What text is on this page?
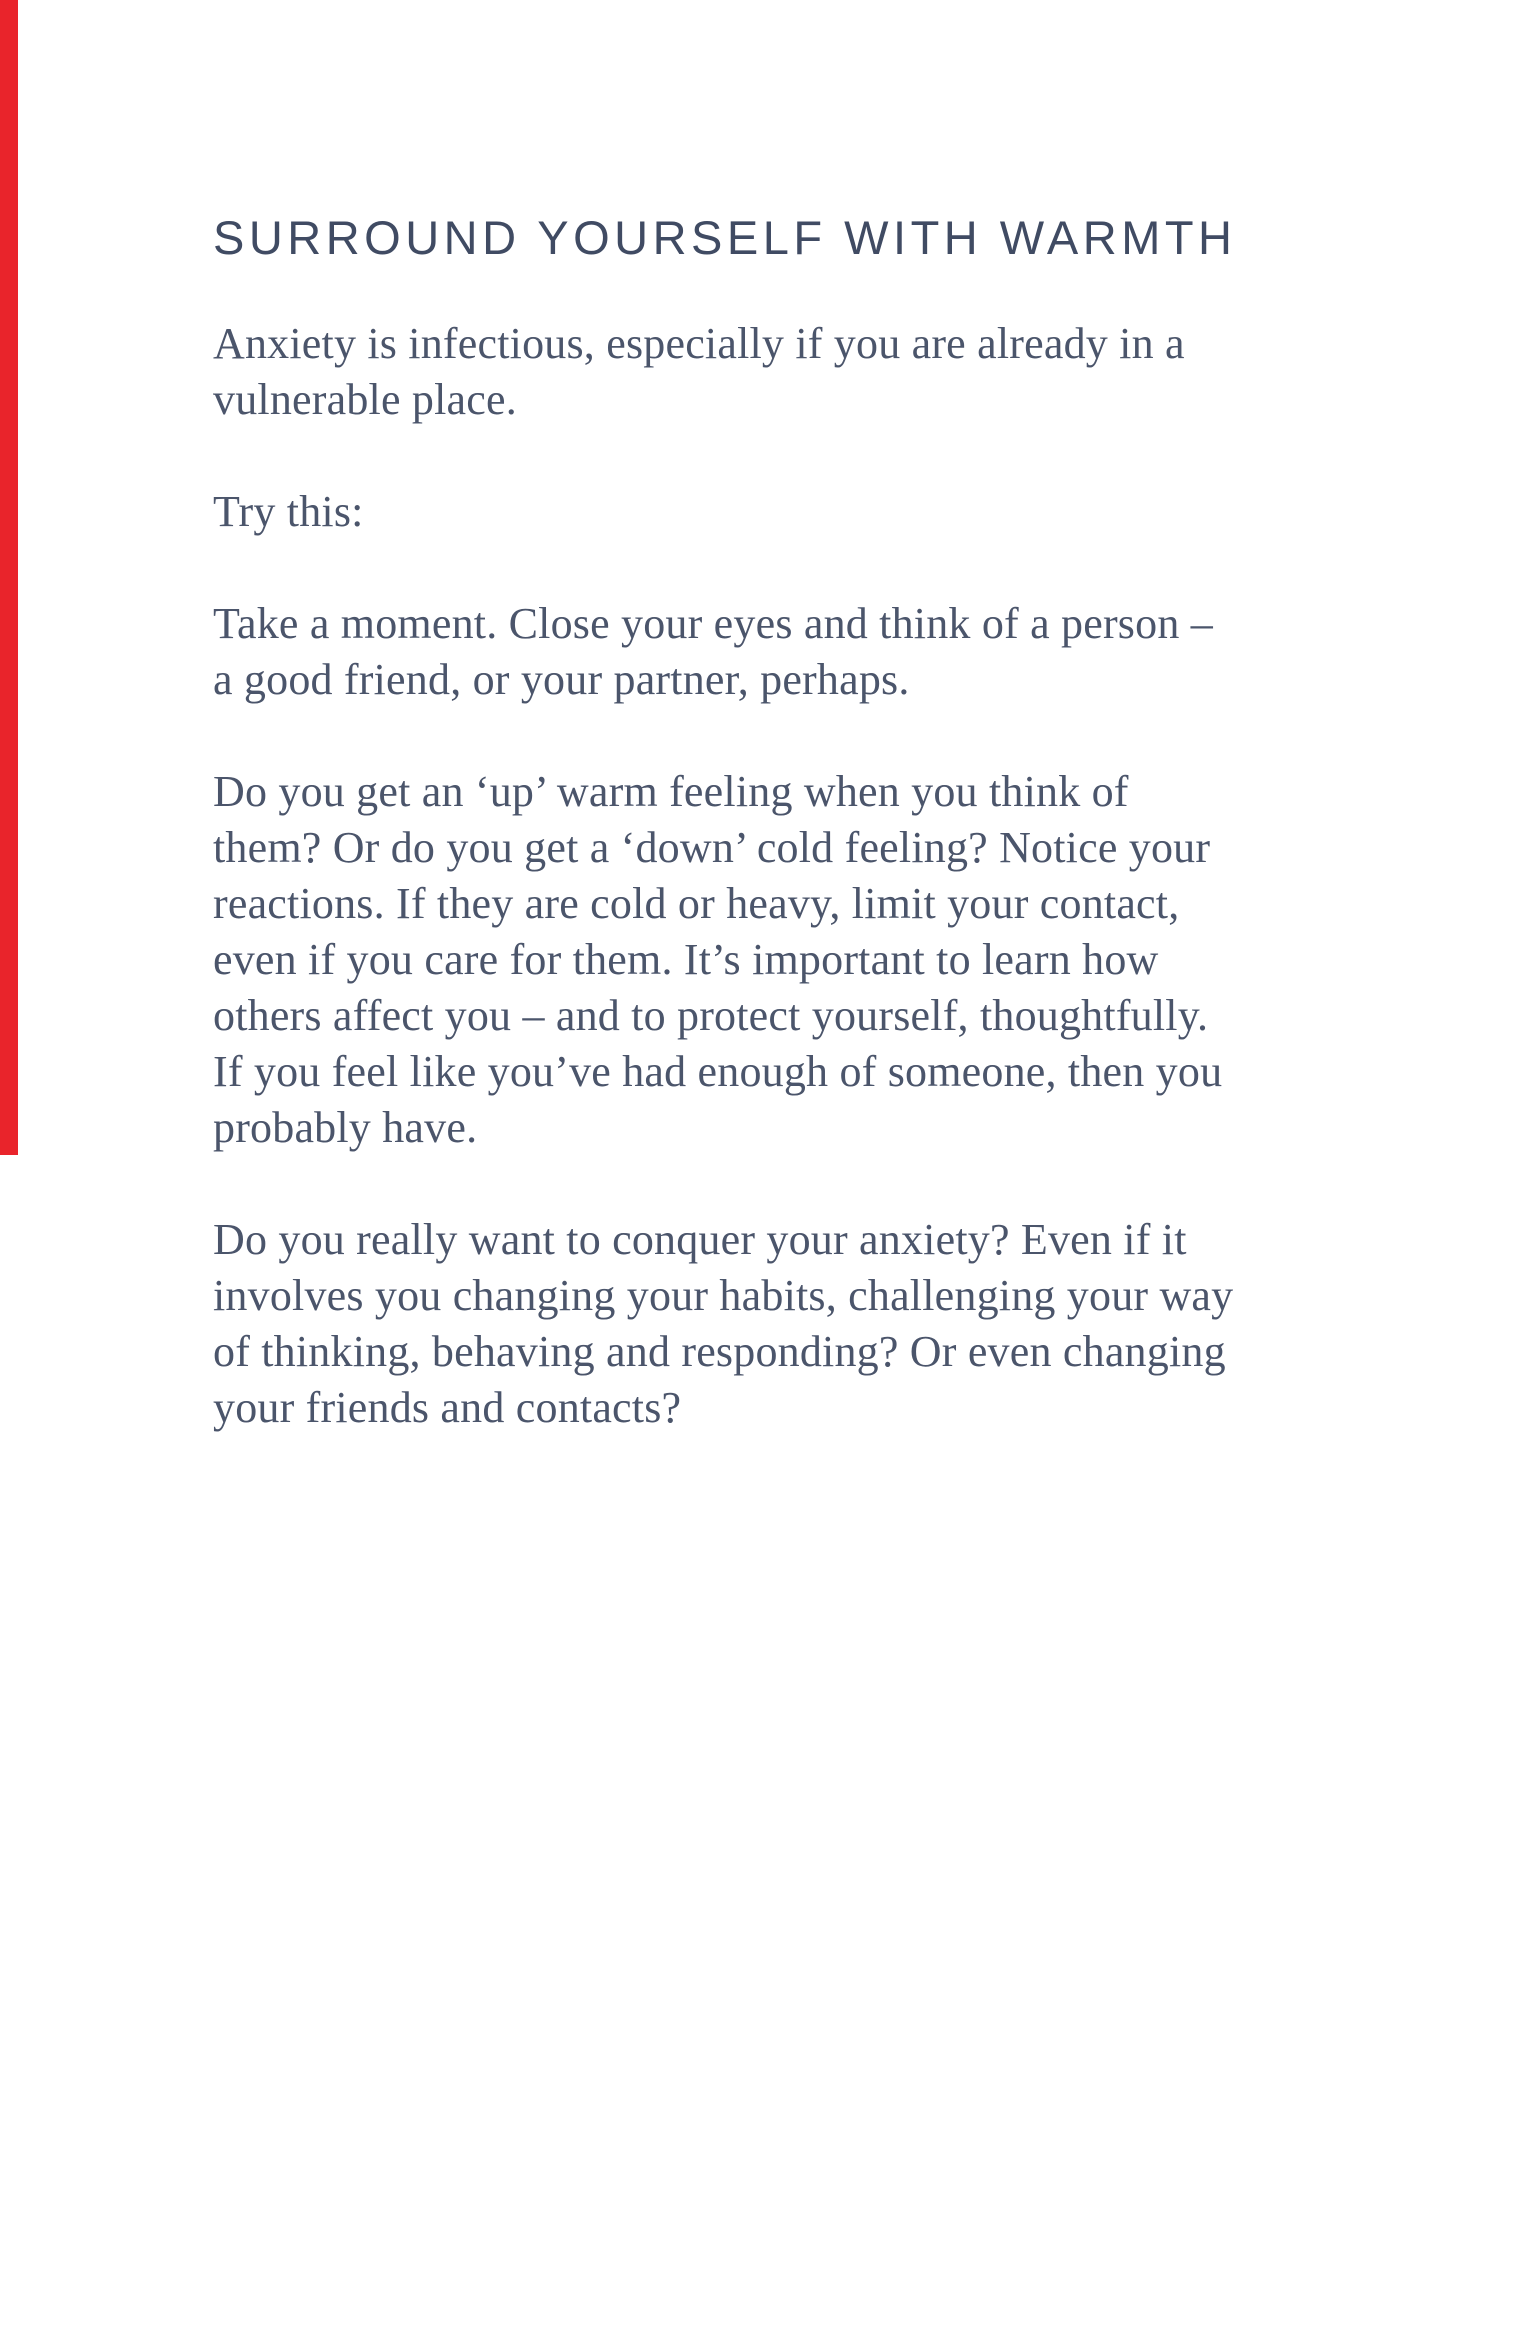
SURROUND YOURSELF WITH WARMTH

Anxiety is infectious, especially if you are already in a
vulnerable place.

Try this:

Take a moment. Close your eyes and think of a person –
a good friend, or your partner, perhaps.

Do you get an ‘up’ warm feeling when you think of
them? Or do you get a ‘down’ cold feeling? Notice your
reactions. If they are cold or heavy, limit your contact,
even if you care for them. It’s important to learn how
others affect you – and to protect yourself, thoughtfully.
If you feel like you’ve had enough of someone, then you
probably have.

Do you really want to conquer your anxiety? Even if it
involves you changing your habits, challenging your way
of thinking, behaving and responding? Or even changing
your friends and contacts?
